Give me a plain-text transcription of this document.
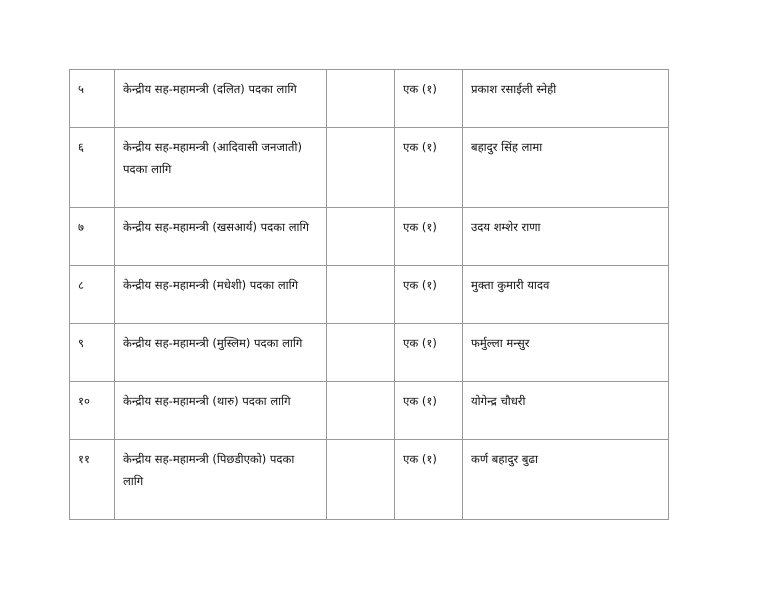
५	केन्द्रीय सह-महामन्त्री (दलित) पदका लागि		एक (१)	प्रकाश रसाईली स्नेही
६	केन्द्रीय सह-महामन्त्री (आदिवासी जनजाती) पदका लागि		एक (१)	बहादुर सिंह लामा
७	केन्द्रीय सह-महामन्त्री (खसआर्य) पदका लागि		एक (१)	उदय शम्शेर राणा
८	केन्द्रीय सह-महामन्त्री (मधेशी) पदका लागि		एक (१)	मुक्ता कुमारी यादव
९	केन्द्रीय सह-महामन्त्री (मुस्लिम) पदका लागि		एक (१)	फर्मुल्ला मन्सुर
१०	केन्द्रीय सह-महामन्त्री (थारु) पदका लागि		एक (१)	योगेन्द्र चौधरी
११	केन्द्रीय सह-महामन्त्री (पिछडीएको) पदका लागि		एक (१)	कर्ण बहादुर बुढा
